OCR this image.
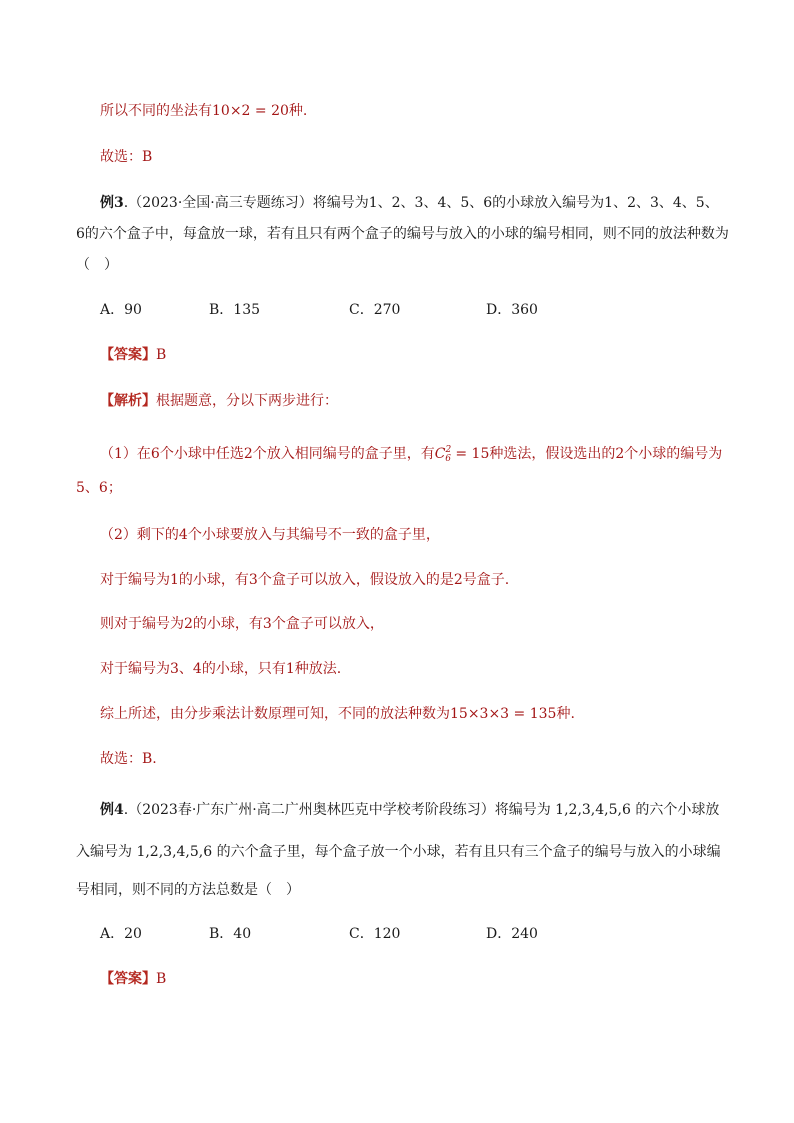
所以不同的坐法有10×2 = 20种.
故选：B
例3.（2023·全国·高三专题练习）将编号为1、2、3、4、5、6的小球放入编号为1、2、3、4、5、
6的六个盒子中，每盒放一球，若有且只有两个盒子的编号与放入的小球的编号相同，则不同的放法种数为
（　）
A．90	B．135	C．270	D．360
【答案】B
【解析】根据题意，分以下两步进行：
（1）在6个小球中任选2个放入相同编号的盒子里，有$C^2_6 = 15$种选法，假设选出的2个小球的编号为
5、6；
（2）剩下的4个小球要放入与其编号不一致的盒子里，
对于编号为1的小球，有3个盒子可以放入，假设放入的是2号盒子.
则对于编号为2的小球，有3个盒子可以放入，
对于编号为3、4的小球，只有1种放法.
综上所述，由分步乘法计数原理可知，不同的放法种数为15×3×3 = 135种.
故选：B.
例4.（2023春·广东广州·高二广州奥林匹克中学校考阶段练习）将编号为 1,2,3,4,5,6 的六个小球放
入编号为 1,2,3,4,5,6 的六个盒子里，每个盒子放一个小球，若有且只有三个盒子的编号与放入的小球编
号相同，则不同的方法总数是（　）
A．20	B．40	C．120	D．240
【答案】B
